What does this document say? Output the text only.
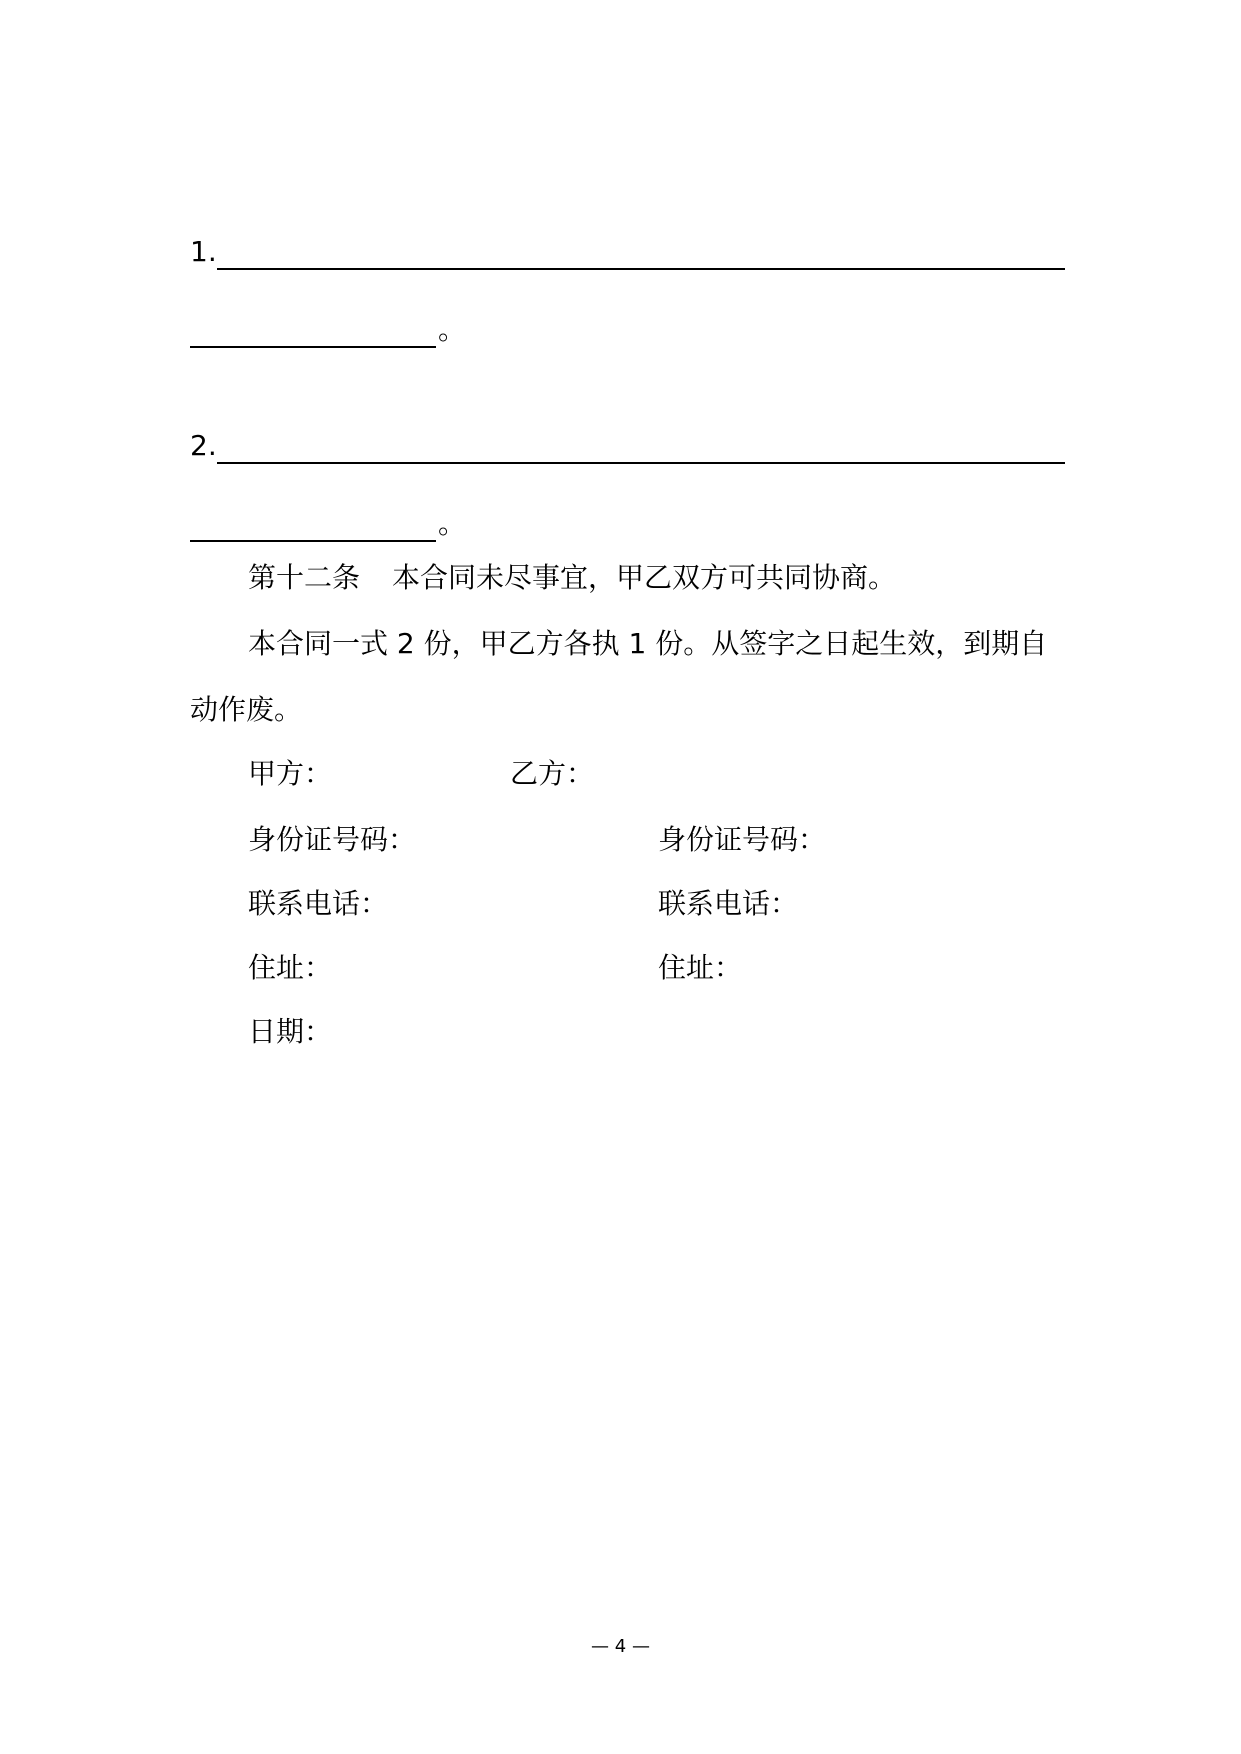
1.
。
2.
。
第十二条 本合同未尽事宜，甲乙双方可共同协商。
本合同一式 2 份，甲乙方各执 1 份。从签字之日起生效，到期自
动作废。
甲方：	乙方：
身份证号码：	身份证号码：
联系电话：	联系电话：
住址：	住址：
日期：
— 4 —
